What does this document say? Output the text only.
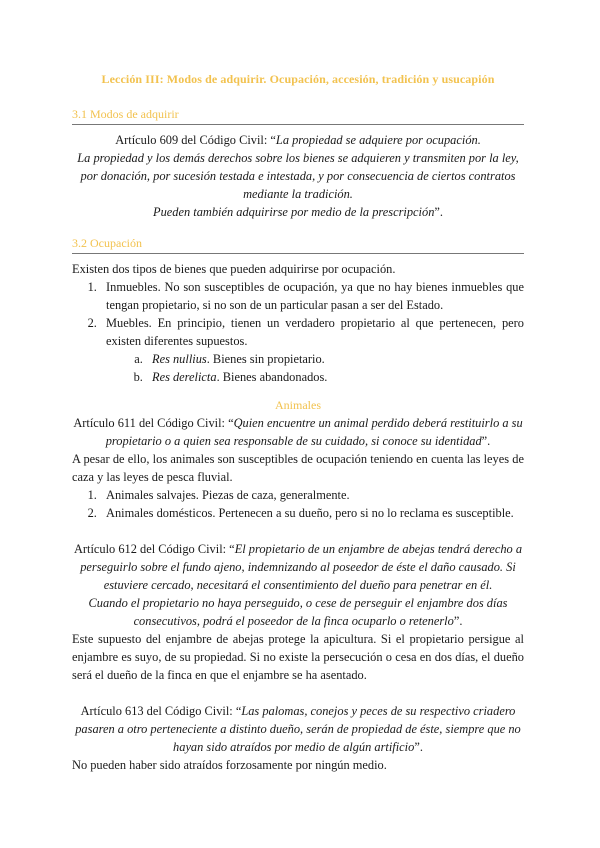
Lección III: Modos de adquirir. Ocupación, accesión, tradición y usucapión

3.1 Modos de adquirir

Artículo 609 del Código Civil: “La propiedad se adquiere por ocupación.

La propiedad y los demás derechos sobre los bienes se adquieren y transmiten por la ley, por donación, por sucesión testada e intestada, y por consecuencia de ciertos contratos mediante la tradición.

Pueden también adquirirse por medio de la prescripción”.

3.2 Ocupación

Existen dos tipos de bienes que pueden adquirirse por ocupación.

1. Inmuebles. No son susceptibles de ocupación, ya que no hay bienes inmuebles que tengan propietario, si no son de un particular pasan a ser del Estado.
2. Muebles. En principio, tienen un verdadero propietario al que pertenecen, pero existen diferentes supuestos.
a. Res nullius. Bienes sin propietario.
b. Res derelicta. Bienes abandonados.

Animales

Artículo 611 del Código Civil: “Quien encuentre un animal perdido deberá restituirlo a su propietario o a quien sea responsable de su cuidado, si conoce su identidad”.

A pesar de ello, los animales son susceptibles de ocupación teniendo en cuenta las leyes de caza y las leyes de pesca fluvial.

1. Animales salvajes. Piezas de caza, generalmente.
2. Animales domésticos. Pertenecen a su dueño, pero si no lo reclama es susceptible.

Artículo 612 del Código Civil: “El propietario de un enjambre de abejas tendrá derecho a perseguirlo sobre el fundo ajeno, indemnizando al poseedor de éste el daño causado. Si estuviere cercado, necesitará el consentimiento del dueño para penetrar en él.

Cuando el propietario no haya perseguido, o cese de perseguir el enjambre dos días consecutivos, podrá el poseedor de la finca ocuparlo o retenerlo”.

Este supuesto del enjambre de abejas protege la apicultura. Si el propietario persigue al enjambre es suyo, de su propiedad. Si no existe la persecución o cesa en dos días, el dueño será el dueño de la finca en que el enjambre se ha asentado.

Artículo 613 del Código Civil: “Las palomas, conejos y peces de su respectivo criadero pasaren a otro perteneciente a distinto dueño, serán de propiedad de éste, siempre que no hayan sido atraídos por medio de algún artificio”.

No pueden haber sido atraídos forzosamente por ningún medio.
